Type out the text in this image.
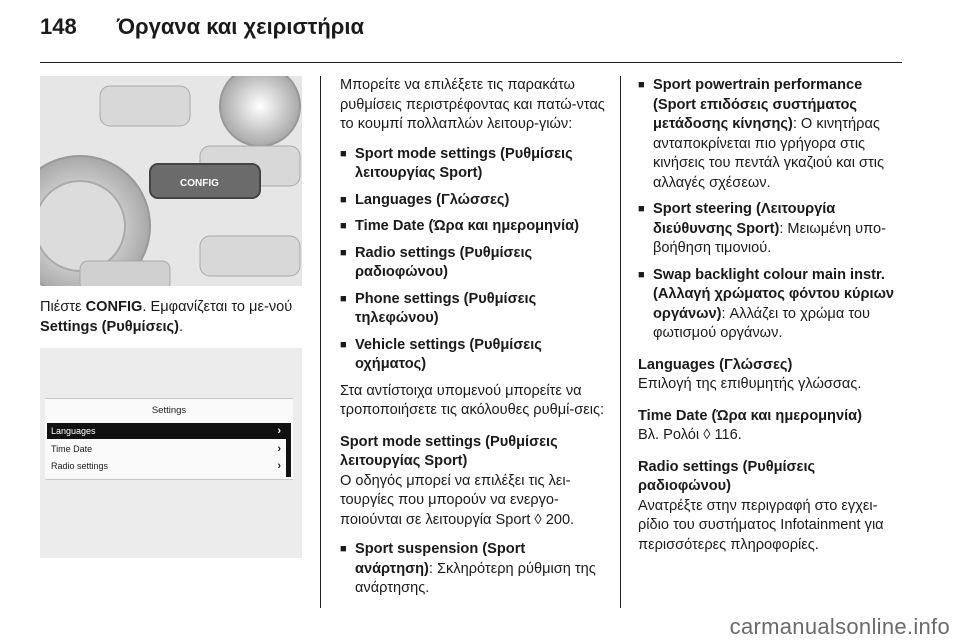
148 Όργανα και χειριστήρια
CONFIG

Πιέστε CONFIG. Εμφανίζεται το με-νού Settings (Ρυθμίσεις).

Settings
Languages	›
Time Date	›
Radio settings	›

Μπορείτε να επιλέξετε τις παρακάτω ρυθμίσεις περιστρέφοντας και πατώ-ντας το κουμπί πολλαπλών λειτουρ-γιών:

■ Sport mode settings (Ρυθμίσεις λειτουργίας Sport)
■ Languages (Γλώσσες)
■ Time Date (Ώρα και ημερομηνία)
■ Radio settings (Ρυθμίσεις ραδιοφώνου)
■ Phone settings (Ρυθμίσεις τηλεφώνου)
■ Vehicle settings (Ρυθμίσεις οχήματος)

Στα αντίστοιχα υπομενού μπορείτε να τροποποιήσετε τις ακόλουθες ρυθμί-σεις:

Sport mode settings (Ρυθμίσεις λειτουργίας Sport)

Ο οδηγός μπορεί να επιλέξει τις λει-τουργίες που μπορούν να ενεργο-ποιούνται σε λειτουργία Sport ◊ 200.

■ Sport suspension (Sport ανάρτηση): Σκληρότερη ρύθμιση της ανάρτησης.
■ Sport powertrain performance (Sport επιδόσεις συστήματος μετάδοσης κίνησης): Ο κινητήρας ανταποκρίνεται πιο γρήγορα στις κινήσεις του πεντάλ γκαζιού και στις αλλαγές σχέσεων.
■ Sport steering (Λειτουργία διεύθυνσης Sport): Μειωμένη υπο-βοήθηση τιμονιού.
■ Swap backlight colour main instr. (Αλλαγή χρώματος φόντου κύριων οργάνων): Αλλάζει το χρώμα του φωτισμού οργάνων.
Languages (Γλώσσες)

Επιλογή της επιθυμητής γλώσσας.

Time Date (Ώρα και ημερομηνία)

Βλ. Ρολόι ◊ 116.

Radio settings (Ρυθμίσεις ραδιοφώνου)

Ανατρέξτε στην περιγραφή στο εγχει-ρίδιο του συστήματος Infotainment για περισσότερες πληροφορίες.

carmanualsonline.info
